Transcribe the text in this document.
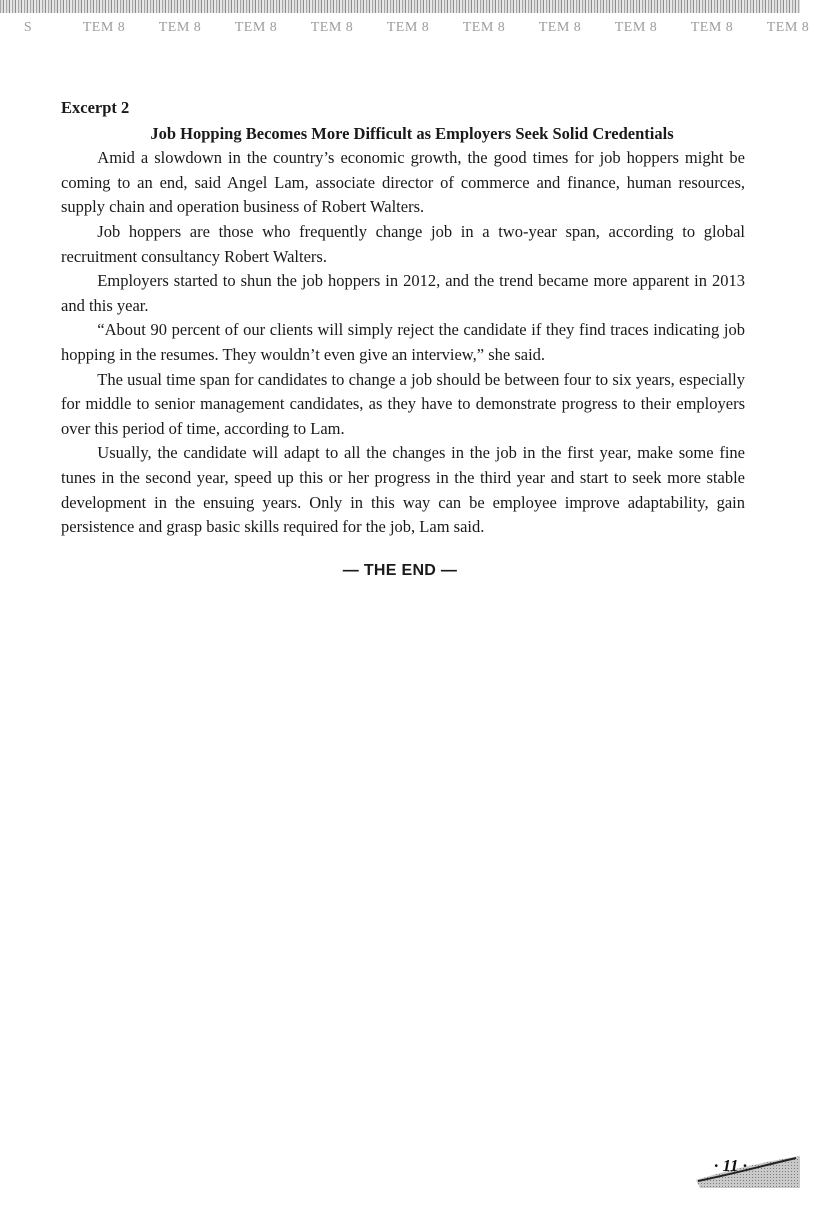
S	TEM 8 TEM 8 TEM 8 TEM 8 TEM 8 TEM 8 TEM 8 TEM 8 TEM 8 TEM 8

Excerpt 2

Job Hopping Becomes More Difficult as Employers Seek Solid Credentials

Amid a slowdown in the country’s economic growth, the good times for job hoppers might be coming to an end, said Angel Lam, associate director of commerce and finance, human resources, supply chain and operation business of Robert Walters.

Job hoppers are those who frequently change job in a two-year span, according to global recruitment consultancy Robert Walters.

Employers started to shun the job hoppers in 2012, and the trend became more apparent in 2013 and this year.

“About 90 percent of our clients will simply reject the candidate if they find traces indicating job hopping in the resumes. They wouldn’t even give an interview,” she said.

The usual time span for candidates to change a job should be between four to six years, especially for middle to senior management candidates, as they have to demonstrate progress to their employers over this period of time, according to Lam.

Usually, the candidate will adapt to all the changes in the job in the first year, make some fine tunes in the second year, speed up this or her progress in the third year and start to seek more stable development in the ensuing years. Only in this way can be employee improve adaptability, gain persistence and grasp basic skills required for the job, Lam said.

— THE END —
· 11 ·
